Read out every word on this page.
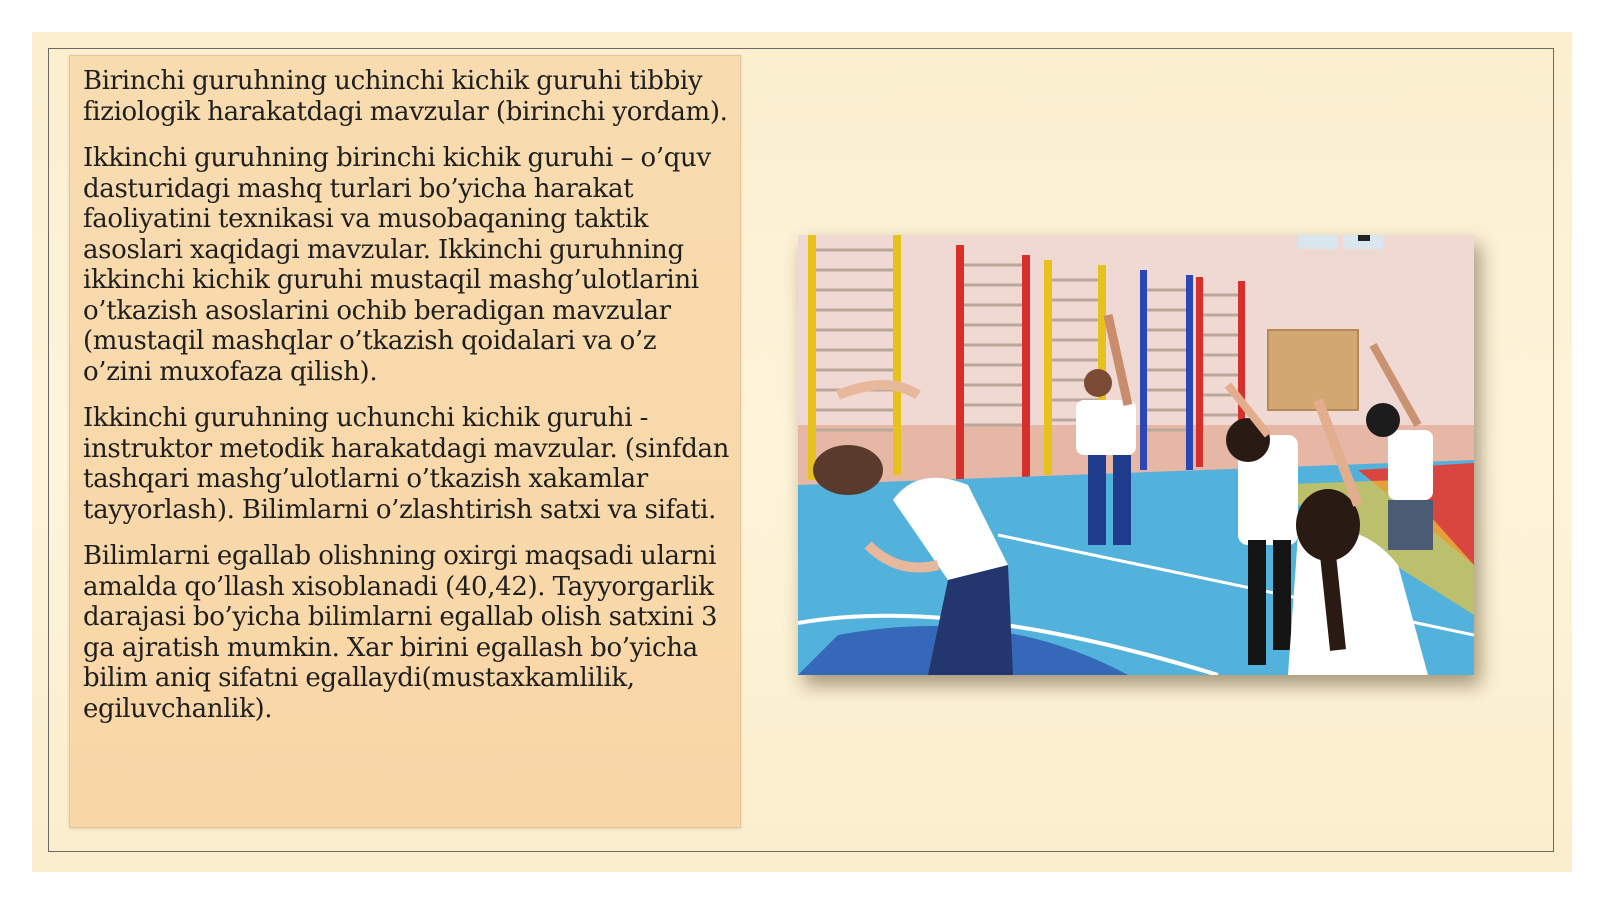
Birinchi guruhning uchinchi kichik guruhi tibbiy fiziologik harakatdagi mavzular (birinchi yordam).

Ikkinchi guruhning birinchi kichik guruhi – o’quv dasturidagi mashq turlari bo’yicha harakat faoliyatini texnikasi va musobaqaning taktik asoslari xaqidagi mavzular. Ikkinchi guruhning ikkinchi kichik guruhi mustaqil mashg’ulotlarini o’tkazish asoslarini ochib beradigan mavzular (mustaqil mashqlar o’tkazish qoidalari va o’z o’zini muxofaza qilish).

Ikkinchi guruhning uchunchi kichik guruhi - instruktor metodik harakatdagi mavzular. (sinfdan tashqari mashg’ulotlarni o’tkazish xakamlar tayyorlash). Bilimlarni o’zlashtirish satxi va sifati.

Bilimlarni egallab olishning oxirgi maqsadi ularni amalda qo’llash xisoblanadi (40,42). Tayyorgarlik darajasi bo’yicha bilimlarni egallab olish satxini 3 ga ajratish mumkin. Xar birini egallash bo’yicha bilim aniq sifatni egallaydi(mustaxkamlilik, egiluvchanlik).
